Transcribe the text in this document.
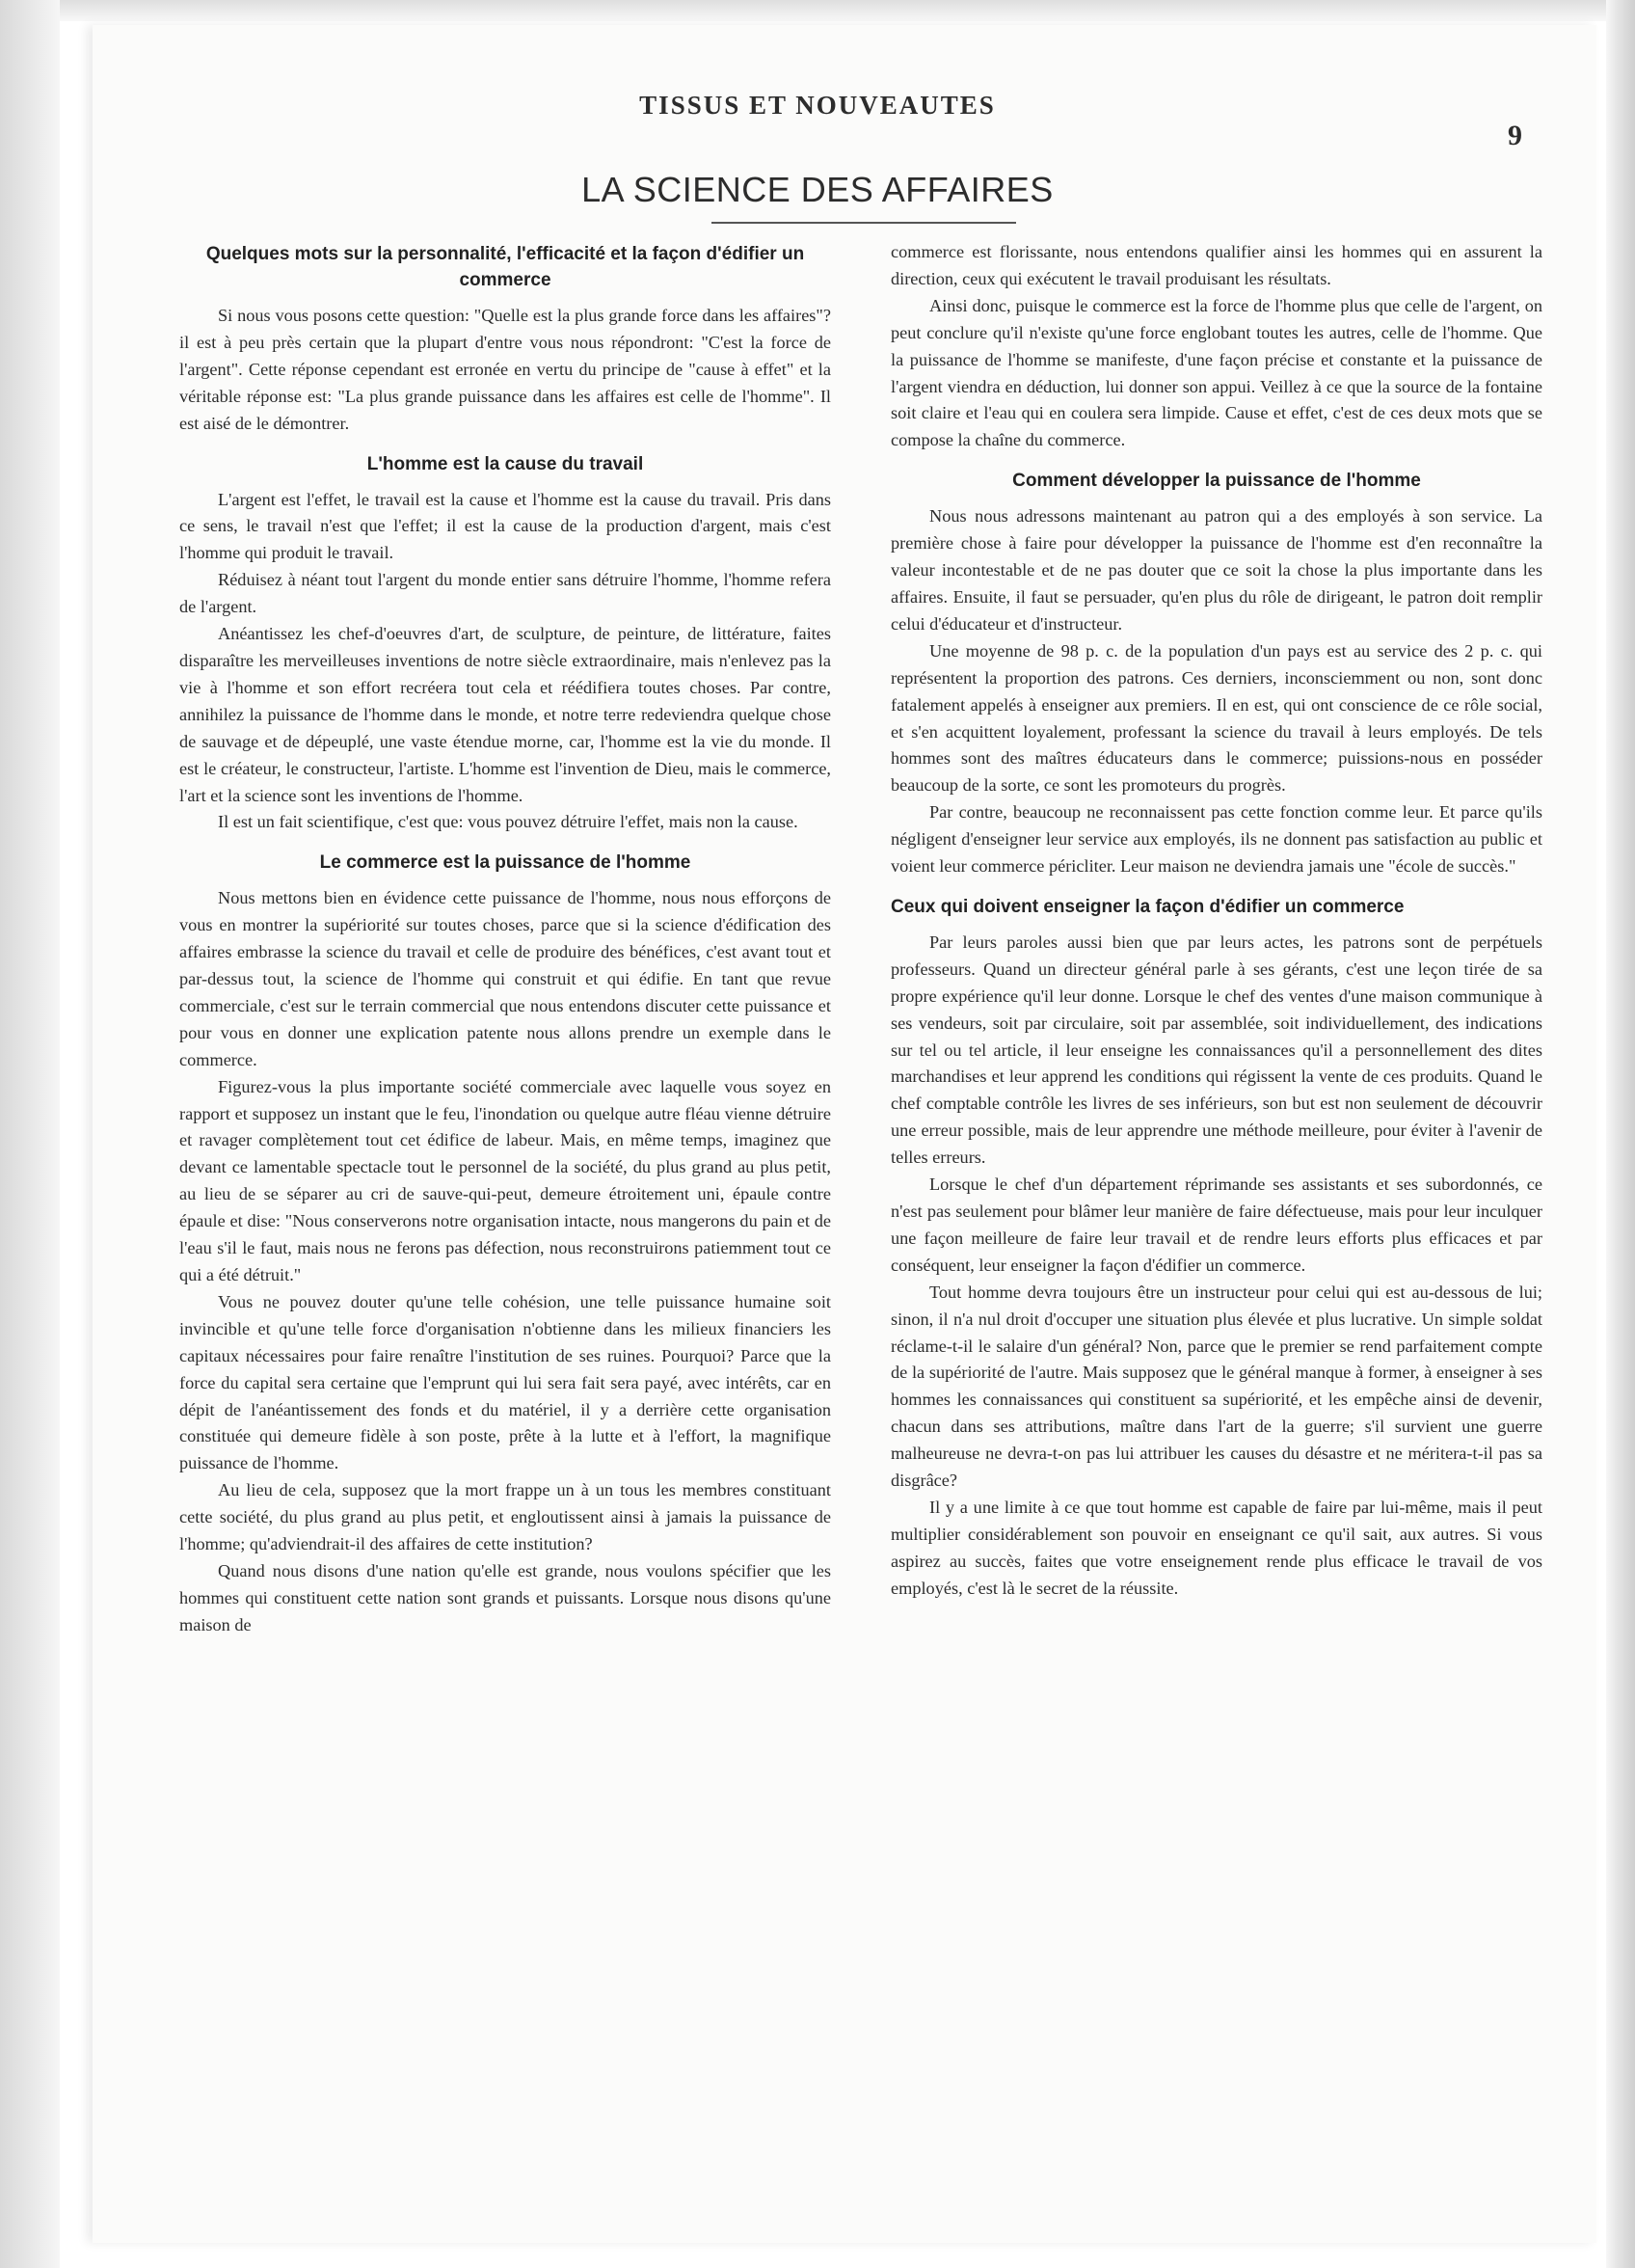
TISSUS ET NOUVEAUTES
9
LA SCIENCE DES AFFAIRES
Quelques mots sur la personnalité, l'efficacité et la façon d'édifier un commerce

Si nous vous posons cette question: "Quelle est la plus grande force dans les affaires"? il est à peu près certain que la plupart d'entre vous nous répondront: "C'est la force de l'argent". Cette réponse cependant est erronée en vertu du principe de "cause à effet" et la véritable réponse est: "La plus grande puissance dans les affaires est celle de l'homme". Il est aisé de le démontrer.

L'homme est la cause du travail

L'argent est l'effet, le travail est la cause et l'homme est la cause du travail. Pris dans ce sens, le travail n'est que l'effet; il est la cause de la production d'argent, mais c'est l'homme qui produit le travail.

Réduisez à néant tout l'argent du monde entier sans détruire l'homme, l'homme refera de l'argent.

Anéantissez les chef-d'oeuvres d'art, de sculpture, de peinture, de littérature, faites disparaître les merveilleuses inventions de notre siècle extraordinaire, mais n'enlevez pas la vie à l'homme et son effort recréera tout cela et réédifiera toutes choses. Par contre, annihilez la puissance de l'homme dans le monde, et notre terre redeviendra quelque chose de sauvage et de dépeuplé, une vaste étendue morne, car, l'homme est la vie du monde. Il est le créateur, le constructeur, l'artiste. L'homme est l'invention de Dieu, mais le commerce, l'art et la science sont les inventions de l'homme.

Il est un fait scientifique, c'est que: vous pouvez détruire l'effet, mais non la cause.

Le commerce est la puissance de l'homme

Nous mettons bien en évidence cette puissance de l'homme, nous nous efforçons de vous en montrer la supériorité sur toutes choses, parce que si la science d'édification des affaires embrasse la science du travail et celle de produire des bénéfices, c'est avant tout et par-dessus tout, la science de l'homme qui construit et qui édifie. En tant que revue commerciale, c'est sur le terrain commercial que nous entendons discuter cette puissance et pour vous en donner une explication patente nous allons prendre un exemple dans le commerce.

Figurez-vous la plus importante société commerciale avec laquelle vous soyez en rapport et supposez un instant que le feu, l'inondation ou quelque autre fléau vienne détruire et ravager complètement tout cet édifice de labeur. Mais, en même temps, imaginez que devant ce lamentable spectacle tout le personnel de la société, du plus grand au plus petit, au lieu de se séparer au cri de sauve-qui-peut, demeure étroitement uni, épaule contre épaule et dise: "Nous conserverons notre organisation intacte, nous mangerons du pain et de l'eau s'il le faut, mais nous ne ferons pas défection, nous reconstruirons patiemment tout ce qui a été détruit."

Vous ne pouvez douter qu'une telle cohésion, une telle puissance humaine soit invincible et qu'une telle force d'organisation n'obtienne dans les milieux financiers les capitaux nécessaires pour faire renaître l'institution de ses ruines. Pourquoi? Parce que la force du capital sera certaine que l'emprunt qui lui sera fait sera payé, avec intérêts, car en dépit de l'anéantissement des fonds et du matériel, il y a derrière cette organisation constituée qui demeure fidèle à son poste, prête à la lutte et à l'effort, la magnifique puissance de l'homme.

Au lieu de cela, supposez que la mort frappe un à un tous les membres constituant cette société, du plus grand au plus petit, et engloutissent ainsi à jamais la puissance de l'homme; qu'adviendrait-il des affaires de cette institution?

Quand nous disons d'une nation qu'elle est grande, nous voulons spécifier que les hommes qui constituent cette nation sont grands et puissants. Lorsque nous disons qu'une maison de

commerce est florissante, nous entendons qualifier ainsi les hommes qui en assurent la direction, ceux qui exécutent le travail produisant les résultats.

Ainsi donc, puisque le commerce est la force de l'homme plus que celle de l'argent, on peut conclure qu'il n'existe qu'une force englobant toutes les autres, celle de l'homme. Que la puissance de l'homme se manifeste, d'une façon précise et constante et la puissance de l'argent viendra en déduction, lui donner son appui. Veillez à ce que la source de la fontaine soit claire et l'eau qui en coulera sera limpide. Cause et effet, c'est de ces deux mots que se compose la chaîne du commerce.

Comment développer la puissance de l'homme

Nous nous adressons maintenant au patron qui a des employés à son service. La première chose à faire pour développer la puissance de l'homme est d'en reconnaître la valeur incontestable et de ne pas douter que ce soit la chose la plus importante dans les affaires. Ensuite, il faut se persuader, qu'en plus du rôle de dirigeant, le patron doit remplir celui d'éducateur et d'instructeur.

Une moyenne de 98 p. c. de la population d'un pays est au service des 2 p. c. qui représentent la proportion des patrons. Ces derniers, inconsciemment ou non, sont donc fatalement appelés à enseigner aux premiers. Il en est, qui ont conscience de ce rôle social, et s'en acquittent loyalement, professant la science du travail à leurs employés. De tels hommes sont des maîtres éducateurs dans le commerce; puissions-nous en posséder beaucoup de la sorte, ce sont les promoteurs du progrès.

Par contre, beaucoup ne reconnaissent pas cette fonction comme leur. Et parce qu'ils négligent d'enseigner leur service aux employés, ils ne donnent pas satisfaction au public et voient leur commerce péricliter. Leur maison ne deviendra jamais une "école de succès."

Ceux qui doivent enseigner la façon d'édifier un commerce

Par leurs paroles aussi bien que par leurs actes, les patrons sont de perpétuels professeurs. Quand un directeur général parle à ses gérants, c'est une leçon tirée de sa propre expérience qu'il leur donne. Lorsque le chef des ventes d'une maison communique à ses vendeurs, soit par circulaire, soit par assemblée, soit individuellement, des indications sur tel ou tel article, il leur enseigne les connaissances qu'il a personnellement des dites marchandises et leur apprend les conditions qui régissent la vente de ces produits. Quand le chef comptable contrôle les livres de ses inférieurs, son but est non seulement de découvrir une erreur possible, mais de leur apprendre une méthode meilleure, pour éviter à l'avenir de telles erreurs.

Lorsque le chef d'un département réprimande ses assistants et ses subordonnés, ce n'est pas seulement pour blâmer leur manière de faire défectueuse, mais pour leur inculquer une façon meilleure de faire leur travail et de rendre leurs efforts plus efficaces et par conséquent, leur enseigner la façon d'édifier un commerce.

Tout homme devra toujours être un instructeur pour celui qui est au-dessous de lui; sinon, il n'a nul droit d'occuper une situation plus élevée et plus lucrative. Un simple soldat réclame-t-il le salaire d'un général? Non, parce que le premier se rend parfaitement compte de la supériorité de l'autre. Mais supposez que le général manque à former, à enseigner à ses hommes les connaissances qui constituent sa supériorité, et les empêche ainsi de devenir, chacun dans ses attributions, maître dans l'art de la guerre; s'il survient une guerre malheureuse ne devra-t-on pas lui attribuer les causes du désastre et ne méritera-t-il pas sa disgrâce?

Il y a une limite à ce que tout homme est capable de faire par lui-même, mais il peut multiplier considérablement son pouvoir en enseignant ce qu'il sait, aux autres. Si vous aspirez au succès, faites que votre enseignement rende plus efficace le travail de vos employés, c'est là le secret de la réussite.
